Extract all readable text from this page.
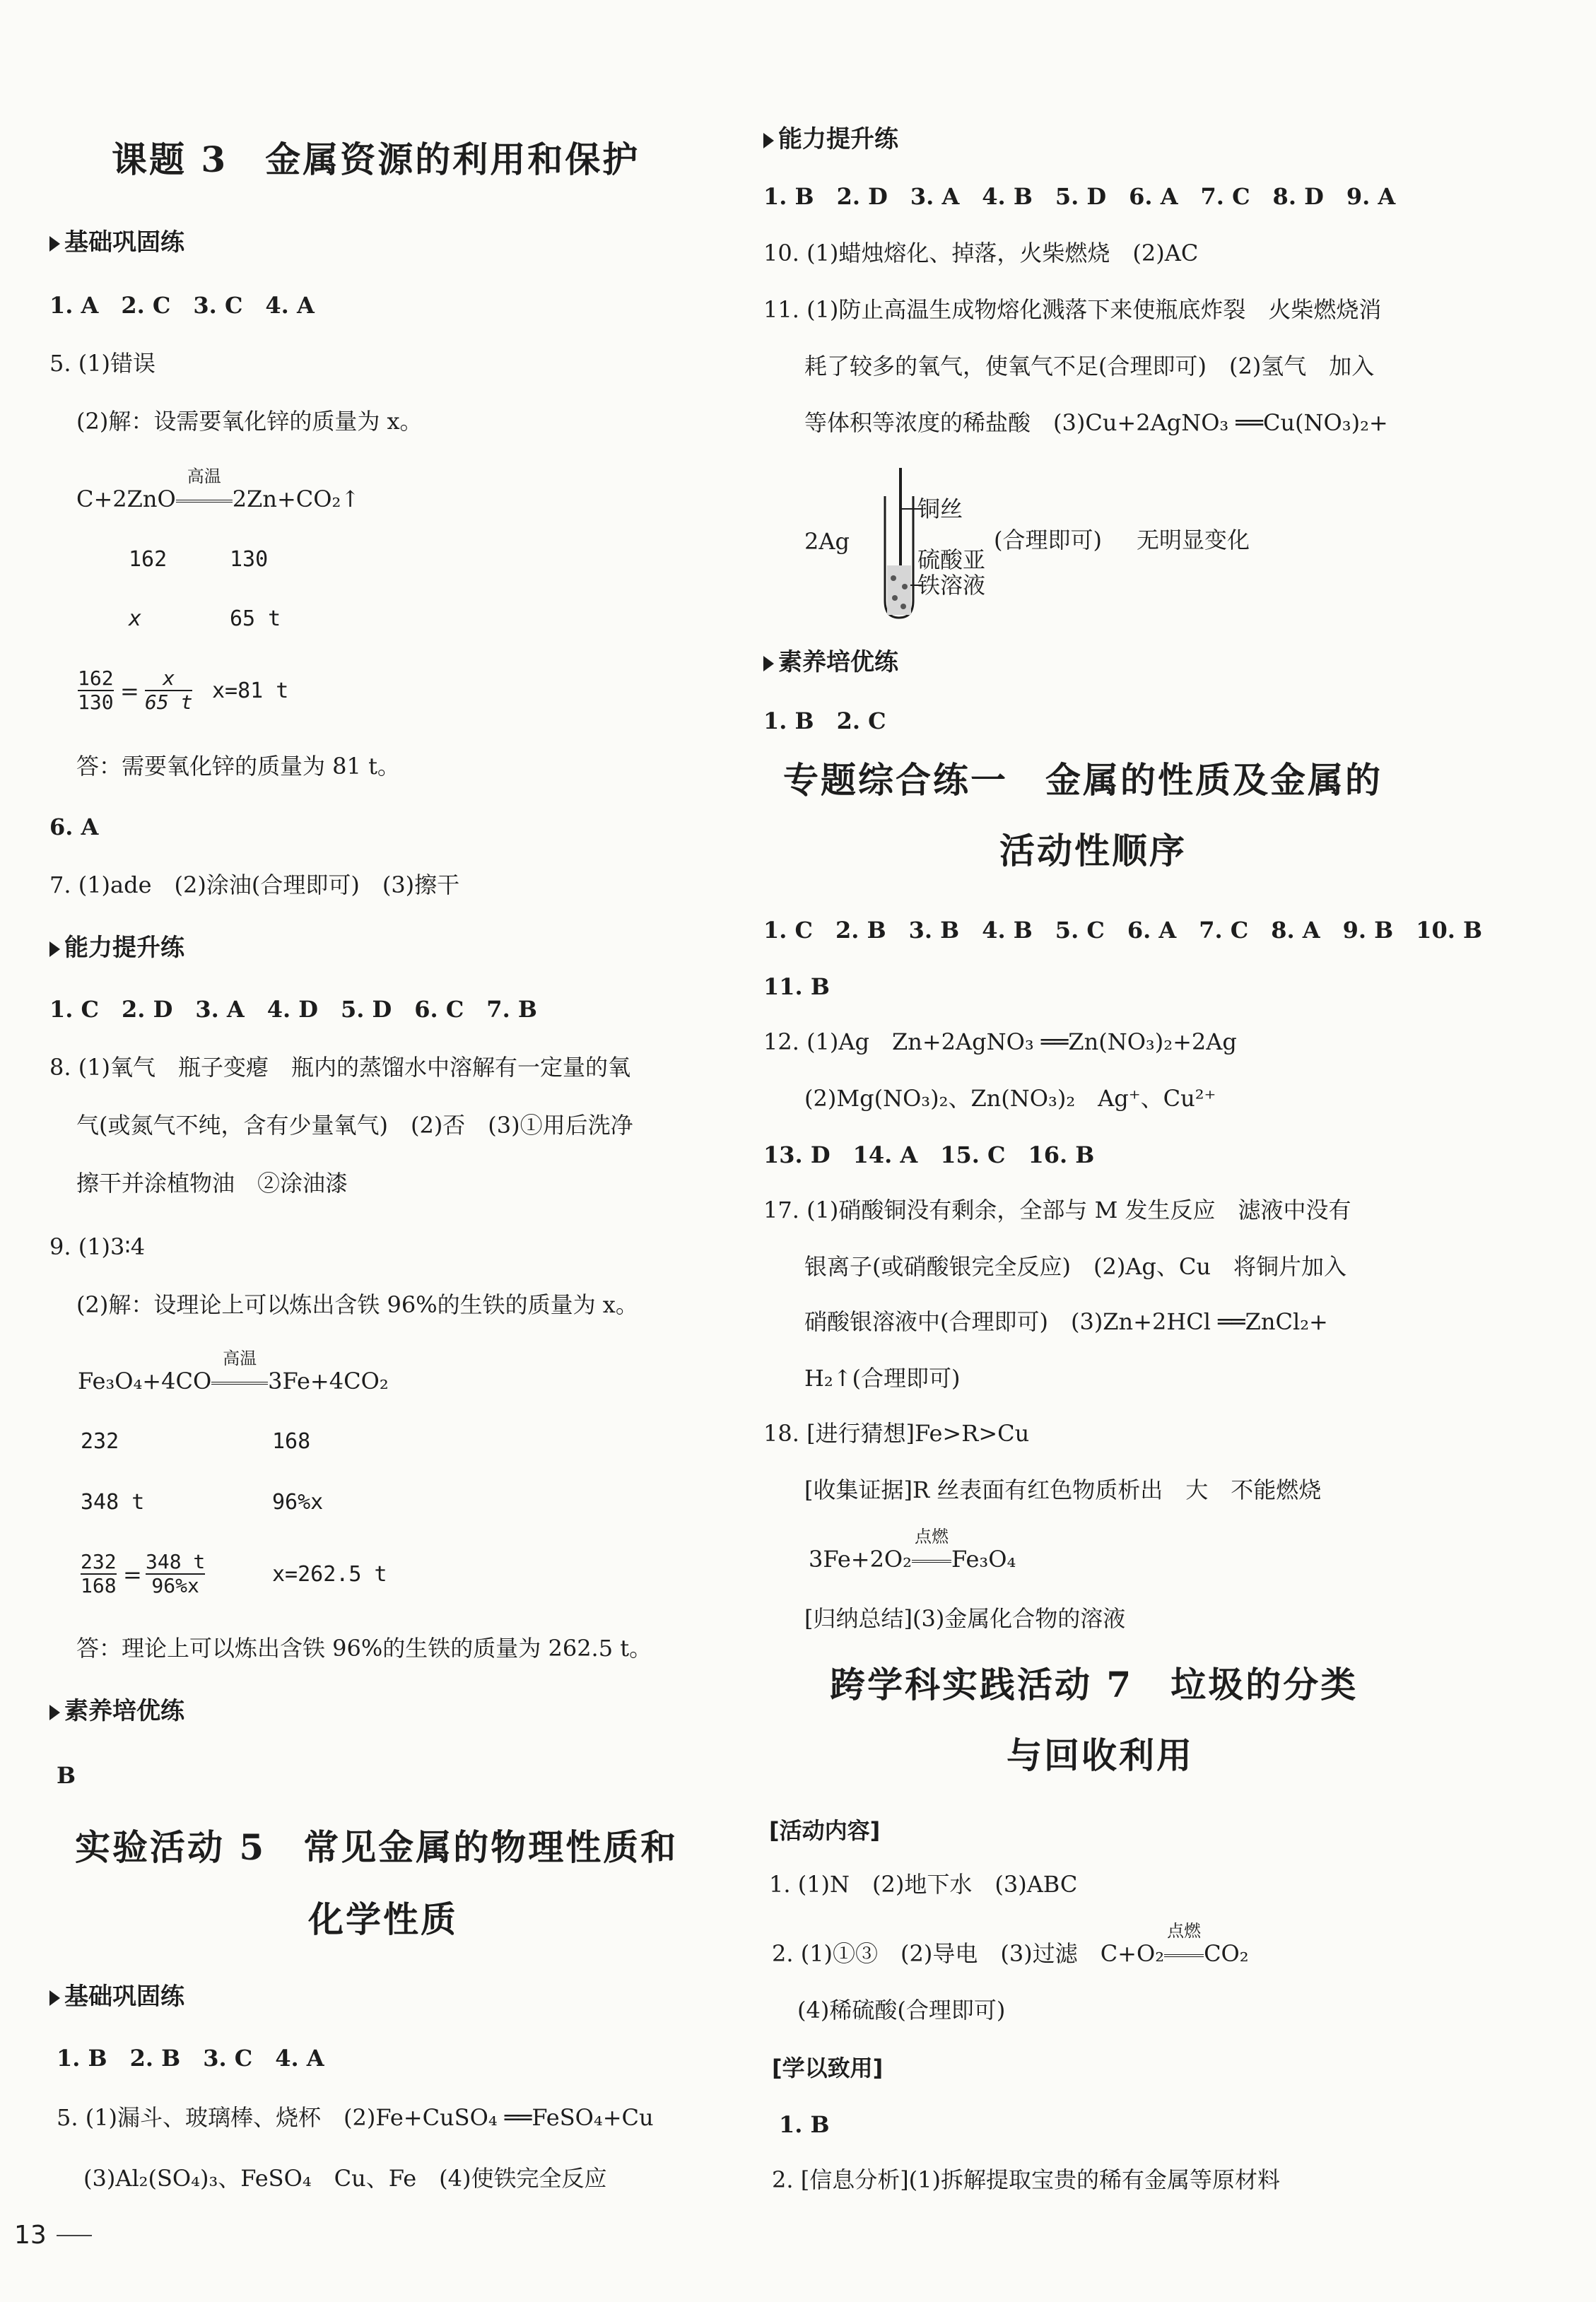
课题 3　金属资源的利用和保护
基础巩固练
1. A　2. C　3. C　4. A
5. (1)错误
(2)解：设需要氧化锌的质量为 x。
C+2ZnO
高温
2Zn+CO₂↑
162	130
x	65 t
162
130 = x
65 t x=81 t
答：需要氧化锌的质量为 81 t。
6. A
7. (1)ade　(2)涂油(合理即可)　(3)擦干
能力提升练
1. C　2. D　3. A　4. D　5. D　6. C　7. B
8. (1)氧气　瓶子变瘪　瓶内的蒸馏水中溶解有一定量的氧
气(或氮气不纯，含有少量氧气)　(2)否　(3)①用后洗净
擦干并涂植物油　②涂油漆
9. (1)3∶4
(2)解：设理论上可以炼出含铁 96%的生铁的质量为 x。
Fe₃O₄+4CO
高温
3Fe+4CO₂
232	168
348 t	96%x
232
168 = 348 t
96%x	x=262.5 t
答：理论上可以炼出含铁 96%的生铁的质量为 262.5 t。
素养培优练
B
实验活动 5　常见金属的物理性质和
化学性质
基础巩固练
1. B　2. B　3. C　4. A
5. (1)漏斗、玻璃棒、烧杯　(2)Fe+CuSO₄ ══FeSO₄+Cu
(3)Al₂(SO₄)₃、FeSO₄　Cu、Fe　(4)使铁完全反应
能力提升练
1. B　2. D　3. A　4. B　5. D　6. A　7. C　8. D　9. A
10. (1)蜡烛熔化、掉落，火柴燃烧　(2)AC
11. (1)防止高温生成物熔化溅落下来使瓶底炸裂　火柴燃烧消
耗了较多的氧气，使氧气不足(合理即可)　(2)氢气　加入
等体积等浓度的稀盐酸　(3)Cu+2AgNO₃ ══Cu(NO₃)₂+
2Ag
铜丝
硫酸亚
铁溶液
(合理即可) 无明显变化
素养培优练
1. B　2. C
专题综合练一　金属的性质及金属的
活动性顺序
1. C　2. B　3. B　4. B　5. C　6. A　7. C　8. A　9. B　10. B
11. B
12. (1)Ag　Zn+2AgNO₃ ══Zn(NO₃)₂+2Ag
(2)Mg(NO₃)₂、Zn(NO₃)₂　Ag⁺、Cu²⁺
13. D　14. A　15. C　16. B
17. (1)硝酸铜没有剩余，全部与 M 发生反应　滤液中没有
银离子(或硝酸银完全反应)　(2)Ag、Cu　将铜片加入
硝酸银溶液中(合理即可)　(3)Zn+2HCl ══ZnCl₂+
H₂↑(合理即可)
18. [进行猜想]Fe>R>Cu
[收集证据]R 丝表面有红色物质析出　大　不能燃烧
3Fe+2O₂
点燃
Fe₃O₄
[归纳总结](3)金属化合物的溶液
跨学科实践活动 7　垃圾的分类
与回收利用
[活动内容]
1. (1)N　(2)地下水　(3)ABC
2. (1)①③　(2)导电　(3)过滤　C+O₂
点燃
CO₂
(4)稀硫酸(合理即可)
[学以致用]
1. B
2. [信息分析](1)拆解提取宝贵的稀有金属等原材料
13
